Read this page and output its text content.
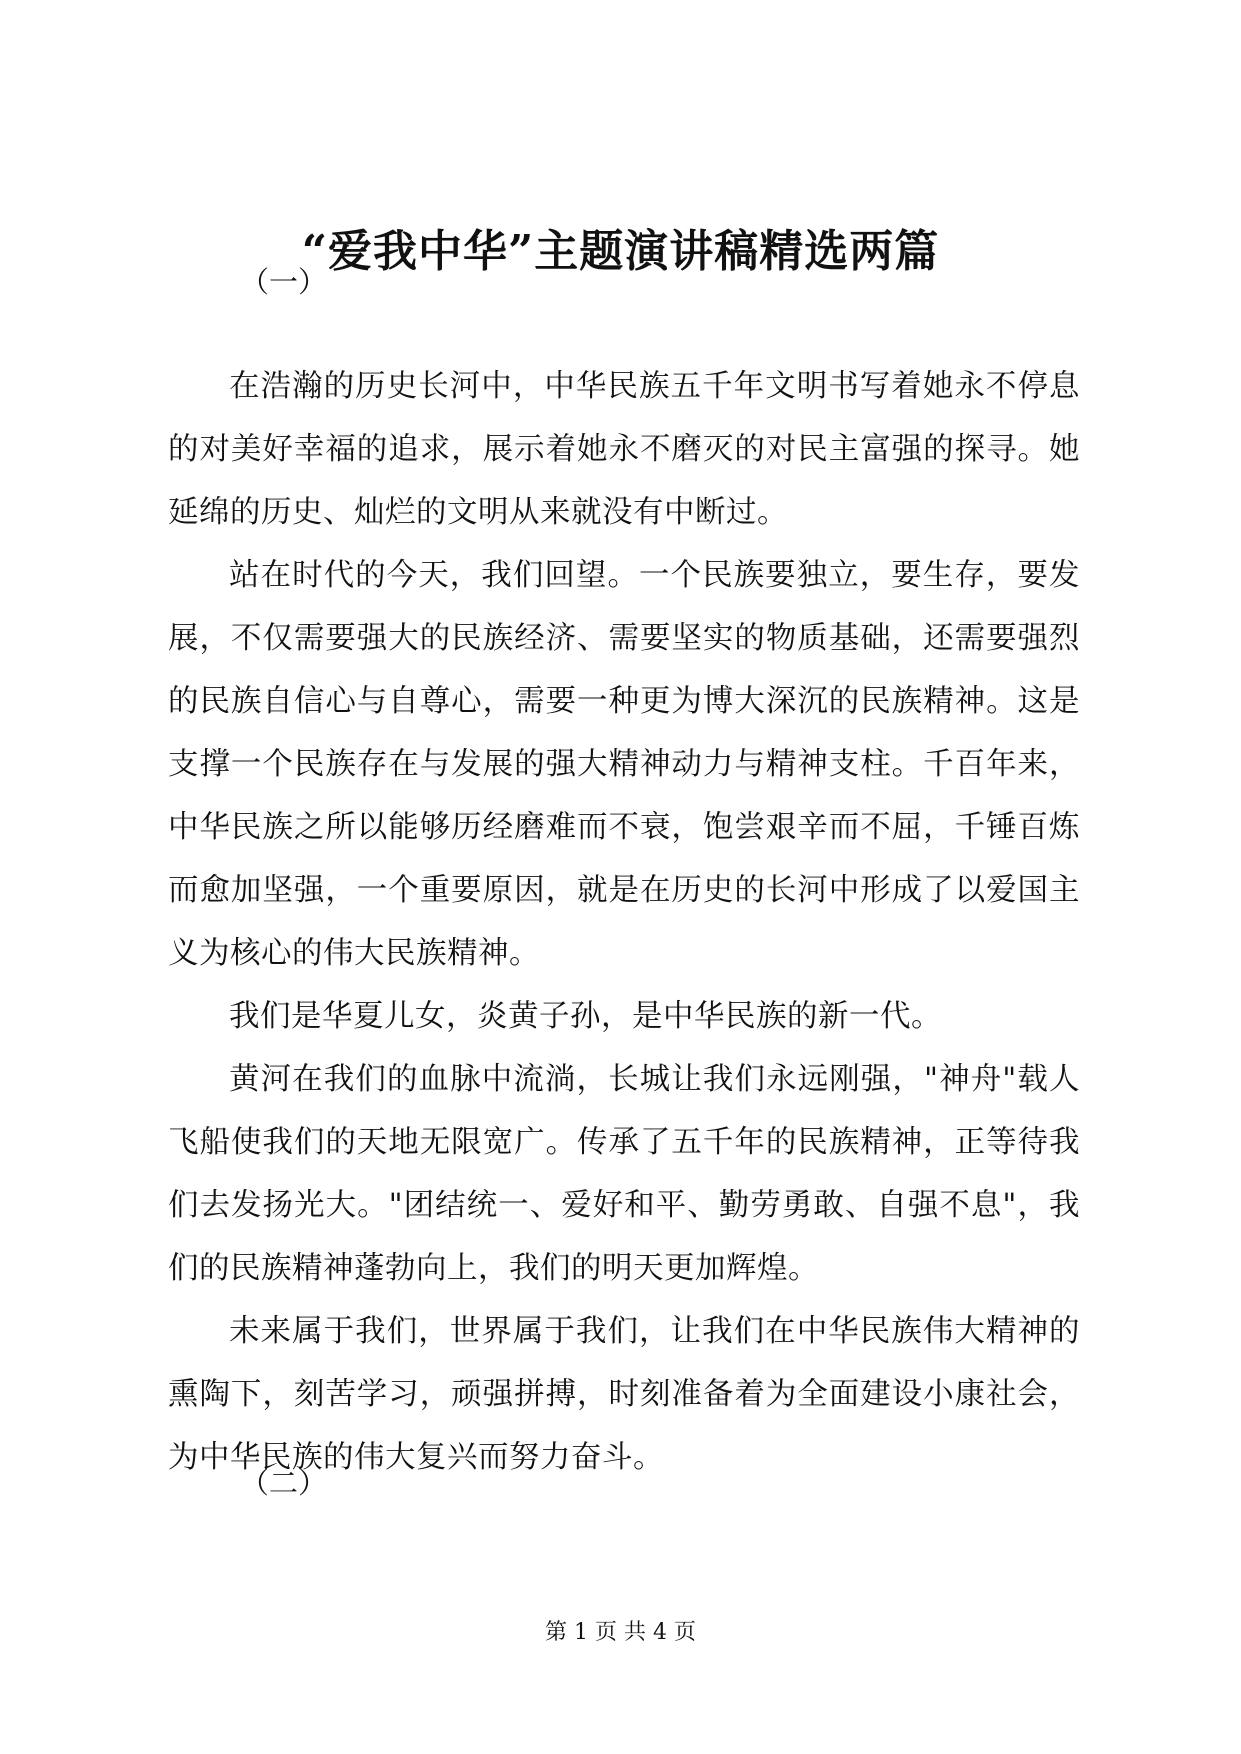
“爱我中华”主题演讲稿精选两篇
（一）

在浩瀚的历史长河中，中华民族五千年文明书写着她永不停息的对美好幸福的追求，展示着她永不磨灭的对民主富强的探寻。她延绵的历史、灿烂的文明从来就没有中断过。

站在时代的今天，我们回望。一个民族要独立，要生存，要发展，不仅需要强大的民族经济、需要坚实的物质基础，还需要强烈的民族自信心与自尊心，需要一种更为博大深沉的民族精神。这是支撑一个民族存在与发展的强大精神动力与精神支柱。千百年来，中华民族之所以能够历经磨难而不衰，饱尝艰辛而不屈，千锤百炼而愈加坚强，一个重要原因，就是在历史的长河中形成了以爱国主义为核心的伟大民族精神。

我们是华夏儿女，炎黄子孙，是中华民族的新一代。

黄河在我们的血脉中流淌，长城让我们永远刚强，"神舟"载人飞船使我们的天地无限宽广。传承了五千年的民族精神，正等待我们去发扬光大。"团结统一、爱好和平、勤劳勇敢、自强不息"，我们的民族精神蓬勃向上，我们的明天更加辉煌。

未来属于我们，世界属于我们，让我们在中华民族伟大精神的熏陶下，刻苦学习，顽强拼搏，时刻准备着为全面建设小康社会，为中华民族的伟大复兴而努力奋斗。

（二）
第 1 页 共 4 页
